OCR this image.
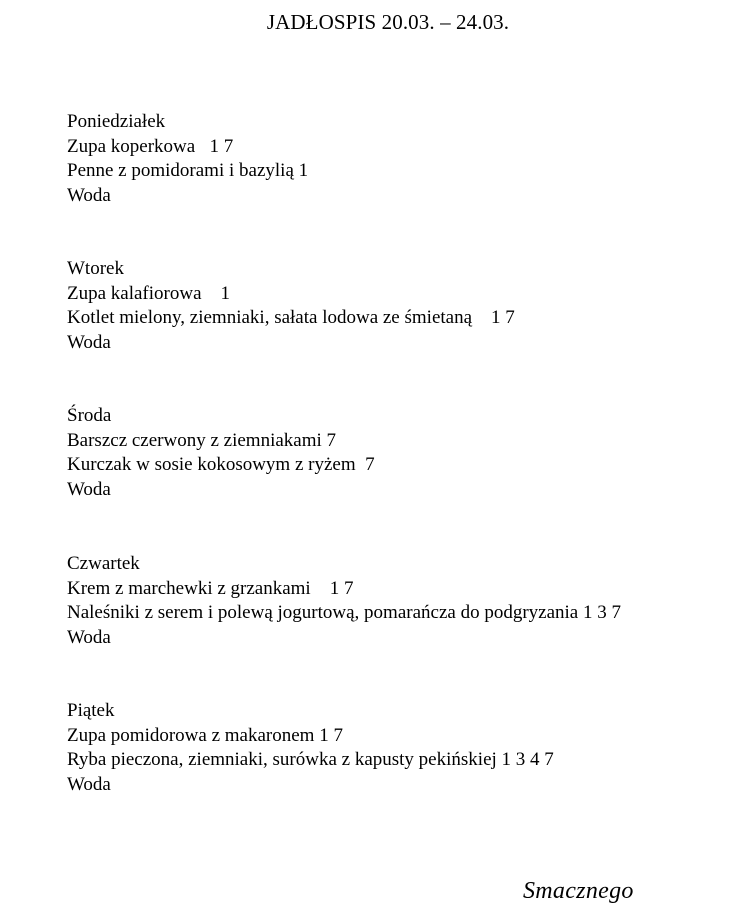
JADŁOSPIS 20.03. – 24.03.
Poniedziałek
Zupa koperkowa   1 7
Penne z pomidorami i bazylią 1
Woda
Wtorek
Zupa kalafiorowa    1
Kotlet mielony, ziemniaki, sałata lodowa ze śmietaną    1 7
Woda
Środa
Barszcz czerwony z ziemniakami 7
Kurczak w sosie kokosowym z ryżem  7
Woda
Czwartek
Krem z marchewki z grzankami    1 7
Naleśniki z serem i polewą jogurtową, pomarańcza do podgryzania 1 3 7
Woda
Piątek
Zupa pomidorowa z makaronem 1 7
Ryba pieczona, ziemniaki, surówka z kapusty pekińskiej 1 3 4 7
Woda
Smacznego
